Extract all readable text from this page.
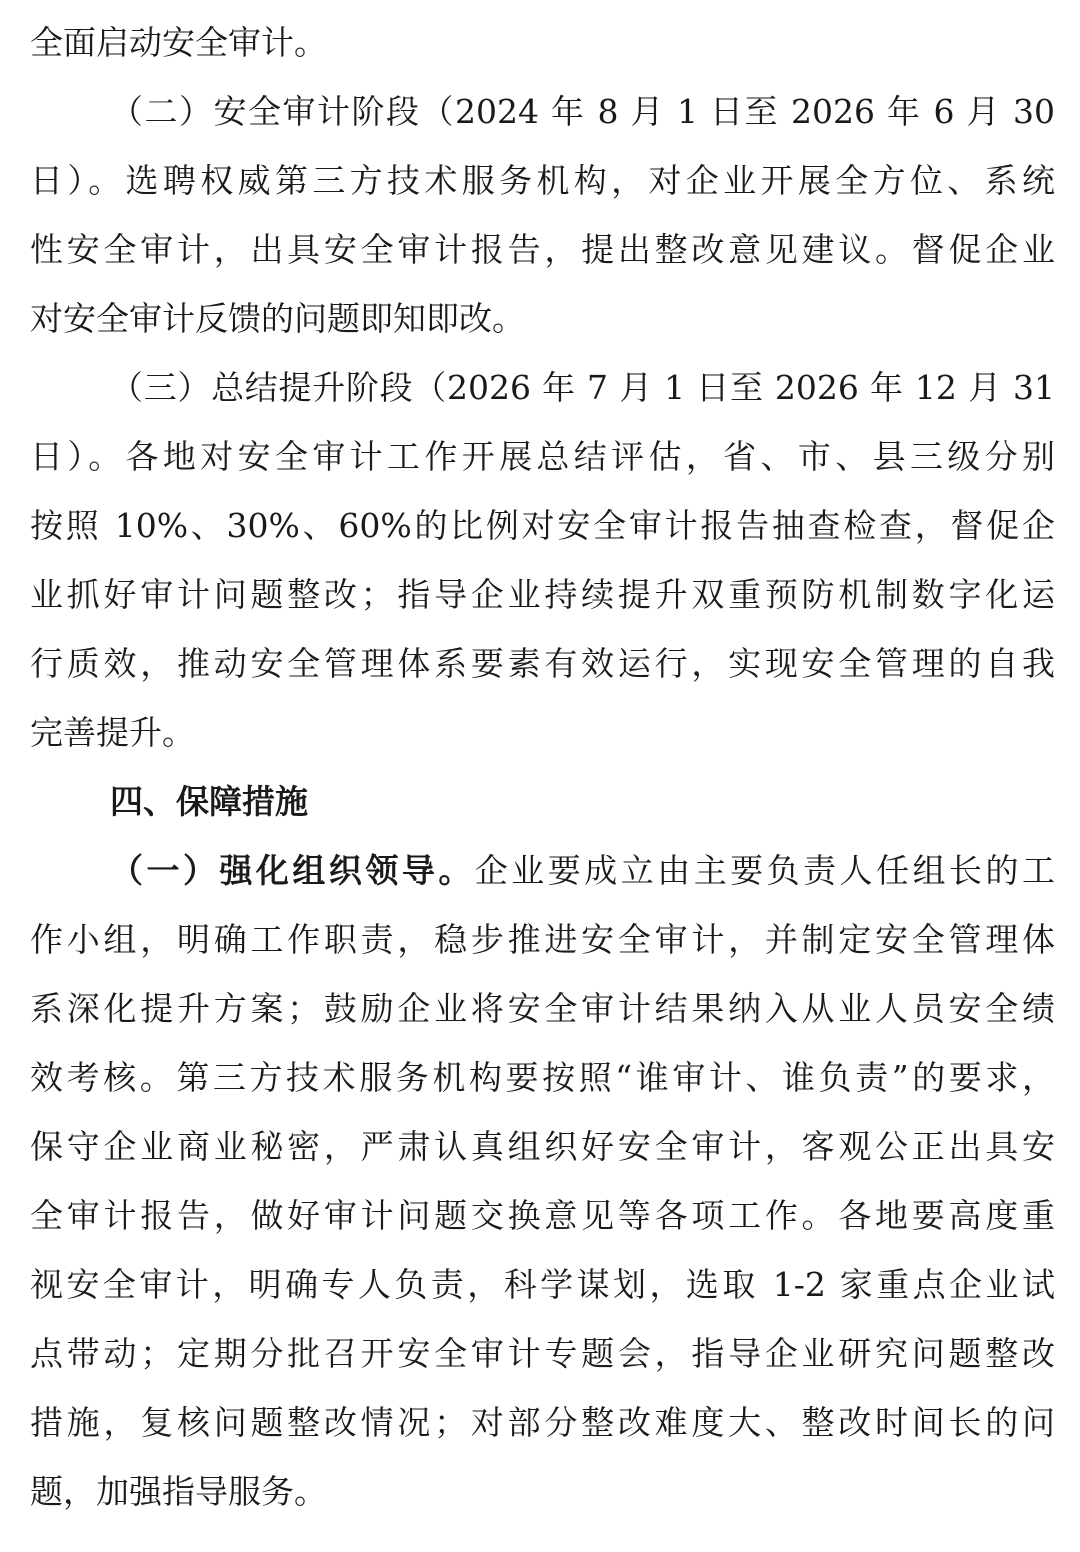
全面启动安全审计。
（二）安全审计阶段（2024 年 8 月 1 日至 2026 年 6 月 30
日）。选聘权威第三方技术服务机构，对企业开展全方位、系统
性安全审计，出具安全审计报告，提出整改意见建议。督促企业
对安全审计反馈的问题即知即改。
（三）总结提升阶段（2026 年 7 月 1 日至 2026 年 12 月 31
日）。各地对安全审计工作开展总结评估，省、市、县三级分别
按照 10%、30%、60%的比例对安全审计报告抽查检查，督促企
业抓好审计问题整改；指导企业持续提升双重预防机制数字化运
行质效，推动安全管理体系要素有效运行，实现安全管理的自我
完善提升。
四、保障措施
（一）强化组织领导。企业要成立由主要负责人任组长的工
作小组，明确工作职责，稳步推进安全审计，并制定安全管理体
系深化提升方案；鼓励企业将安全审计结果纳入从业人员安全绩
效考核。第三方技术服务机构要按照“谁审计、谁负责”的要求，
保守企业商业秘密，严肃认真组织好安全审计，客观公正出具安
全审计报告，做好审计问题交换意见等各项工作。各地要高度重
视安全审计，明确专人负责，科学谋划，选取 1-2 家重点企业试
点带动；定期分批召开安全审计专题会，指导企业研究问题整改
措施，复核问题整改情况；对部分整改难度大、整改时间长的问
题，加强指导服务。
